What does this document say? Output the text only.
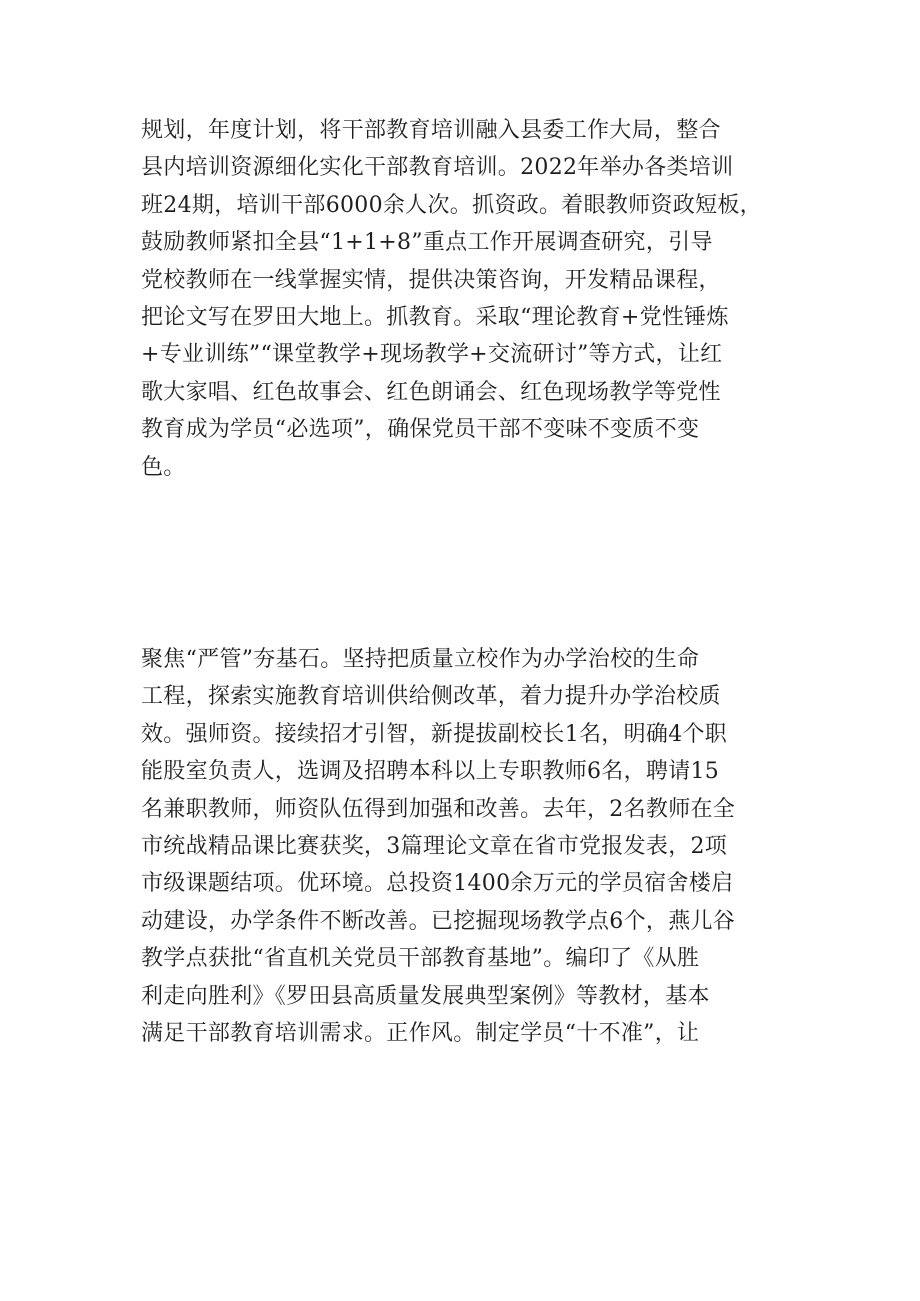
规划，年度计划，将干部教育培训融入县委工作大局，整合
县内培训资源细化实化干部教育培训。2022年举办各类培训
班24期，培训干部6000余人次。抓资政。着眼教师资政短板，
鼓励教师紧扣全县“1+1+8”重点工作开展调查研究，引导
党校教师在一线掌握实情，提供决策咨询，开发精品课程，
把论文写在罗田大地上。抓教育。采取“理论教育+党性锤炼
+专业训练”“课堂教学+现场教学+交流研讨”等方式，让红
歌大家唱、红色故事会、红色朗诵会、红色现场教学等党性
教育成为学员“必选项”，确保党员干部不变味不变质不变
色。
聚焦“严管”夯基石。坚持把质量立校作为办学治校的生命
工程，探索实施教育培训供给侧改革，着力提升办学治校质
效。强师资。接续招才引智，新提拔副校长1名，明确4个职
能股室负责人，选调及招聘本科以上专职教师6名，聘请15
名兼职教师，师资队伍得到加强和改善。去年，2名教师在全
市统战精品课比赛获奖，3篇理论文章在省市党报发表，2项
市级课题结项。优环境。总投资1400余万元的学员宿舍楼启
动建设，办学条件不断改善。已挖掘现场教学点6个，燕儿谷
教学点获批“省直机关党员干部教育基地”。编印了《从胜
利走向胜利》《罗田县高质量发展典型案例》等教材，基本
满足干部教育培训需求。正作风。制定学员“十不准”，让
